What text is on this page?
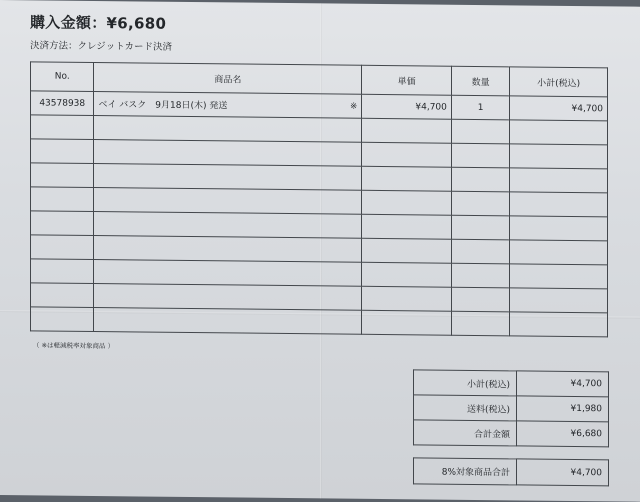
購入金額：¥6,680
決済方法：クレジットカード決済
No.	商品名	単価	数量	小計(税込)
43578938	ベイ バスク　9月18日(木) 発送 ※	¥4,700	1	¥4,700

（ ※は軽減税率対象商品 ）
小計(税込)	¥4,700
送料(税込)	¥1,980
合計金額	¥6,680
8%対象商品合計	¥4,700
